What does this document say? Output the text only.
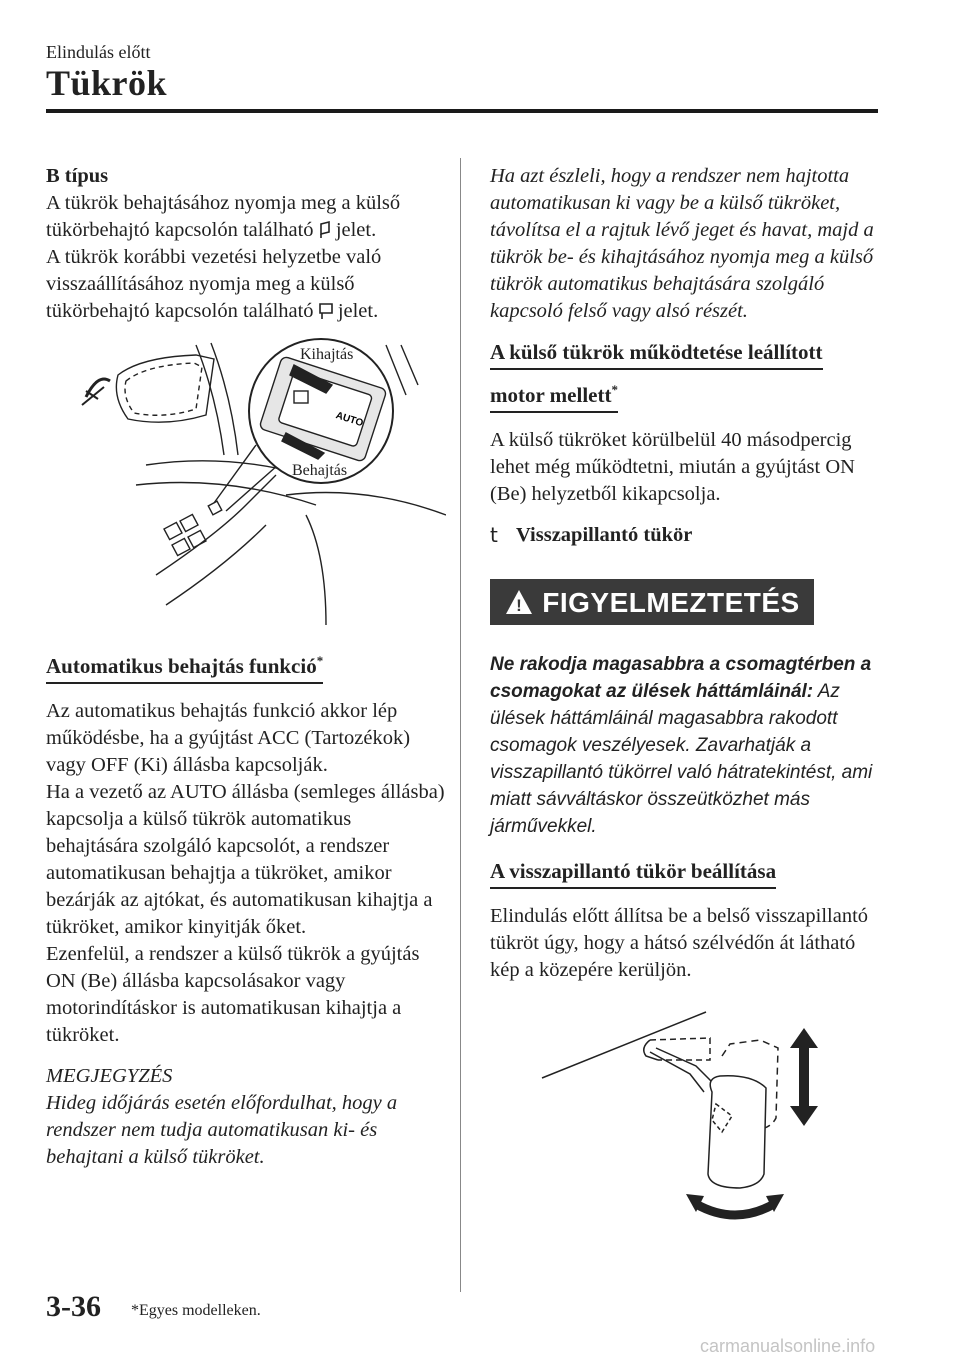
Elindulás előtt
Tükrök

B típus

A tükrök behajtásához nyomja meg a külső tükörbehajtó kapcsolón található jelet.

A tükrök korábbi vezetési helyzetbe való visszaállításához nyomja meg a külső tükörbehajtó kapcsolón található jelet.

AUTO
Kihajtás
Behajtás

Automatikus behajtás funkció*

Az automatikus behajtás funkció akkor lép működésbe, ha a gyújtást ACC (Tartozékok) vagy OFF (Ki) állásba kapcsolják.

Ha a vezető az AUTO állásba (semleges állásba) kapcsolja a külső tükrök automatikus behajtására szolgáló kapcsolót, a rendszer automatikusan behajtja a tükröket, amikor bezárják az ajtókat, és automatikusan kihajtja a tükröket, amikor kinyitják őket.

Ezenfelül, a rendszer a külső tükrök a gyújtás ON (Be) állásba kapcsolásakor vagy motorindításkor is automatikusan kihajtja a tükröket.

MEGJEGYZÉS

Hideg időjárás esetén előfordulhat, hogy a rendszer nem tudja automatikusan ki- és behajtani a külső tükröket.

Ha azt észleli, hogy a rendszer nem hajtotta automatikusan ki vagy be a külső tükröket, távolítsa el a rajtuk lévő jeget és havat, majd a tükrök be- és kihajtásához nyomja meg a külső tükrök automatikus behajtására szolgáló kapcsoló felső vagy alsó részét.

A külső tükrök működtetése leállított

motor mellett*

A külső tükröket körülbelül 40 másodpercig lehet még működtetni, miután a gyújtást ON (Be) helyzetből kikapcsolja.

t Visszapillantó tükör

! FIGYELMEZTETÉS

Ne rakodja magasabbra a csomagtérben a csomagokat az ülések háttámláinál: Az ülések háttámláinál magasabbra rakodott csomagok veszélyesek. Zavarhatják a visszapillantó tükörrel való hátratekintést, ami miatt sávváltáskor összeütközhet más járművekkel.

A visszapillantó tükör beállítása

Elindulás előtt állítsa be a belső visszapillantó tükröt úgy, hogy a hátsó szélvédőn át látható kép a közepére kerüljön.

3-36 *Egyes modelleken.
carmanualsonline.info
